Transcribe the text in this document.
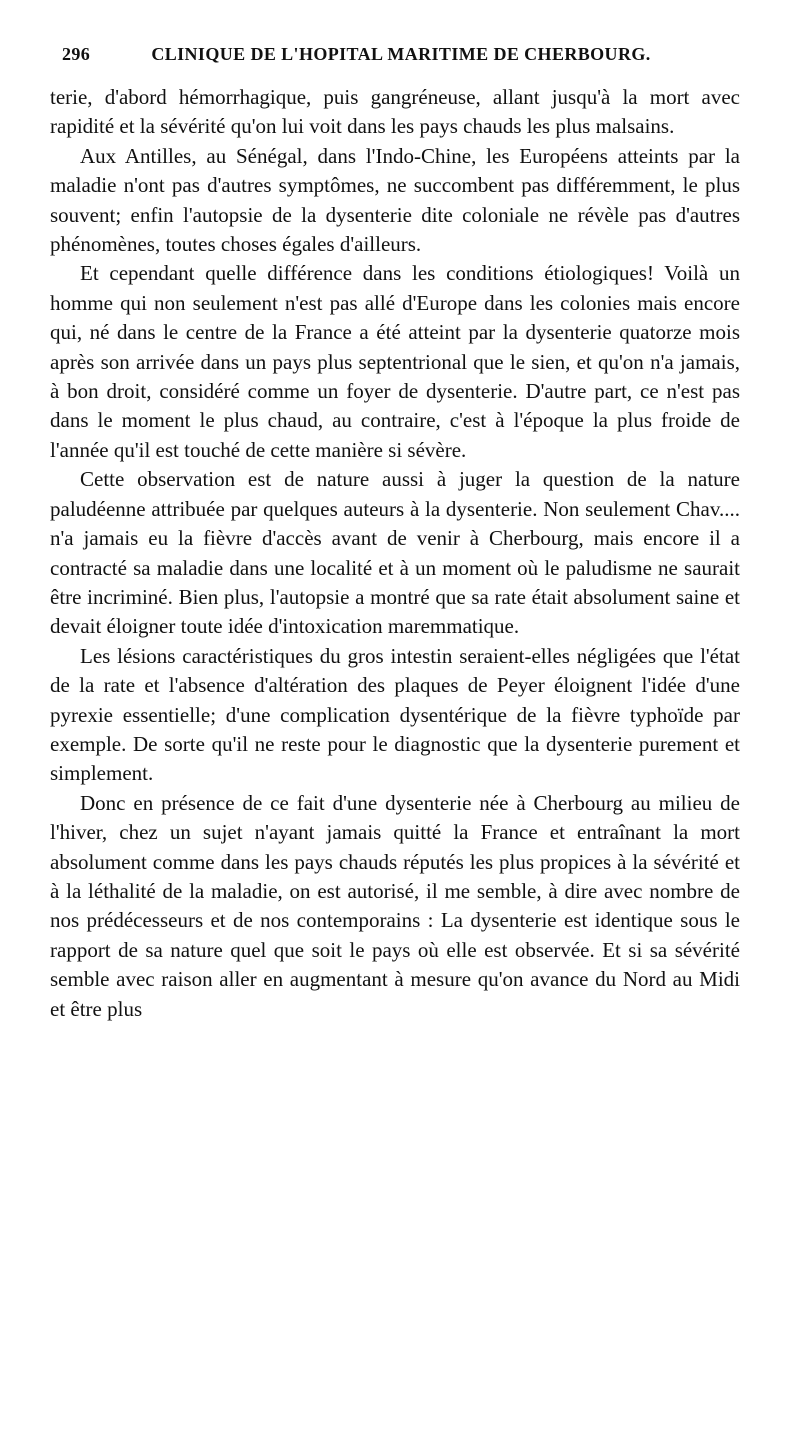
296	CLINIQUE DE L'HOPITAL MARITIME DE CHERBOURG.

terie, d'abord hémorrhagique, puis gangréneuse, allant jusqu'à la mort avec rapidité et la sévérité qu'on lui voit dans les pays chauds les plus malsains.

Aux Antilles, au Sénégal, dans l'Indo-Chine, les Européens atteints par la maladie n'ont pas d'autres symptômes, ne succombent pas différemment, le plus souvent; enfin l'autopsie de la dysenterie dite coloniale ne révèle pas d'autres phénomènes, toutes choses égales d'ailleurs.

Et cependant quelle différence dans les conditions étiologiques! Voilà un homme qui non seulement n'est pas allé d'Europe dans les colonies mais encore qui, né dans le centre de la France a été atteint par la dysenterie quatorze mois après son arrivée dans un pays plus septentrional que le sien, et qu'on n'a jamais, à bon droit, considéré comme un foyer de dysenterie. D'autre part, ce n'est pas dans le moment le plus chaud, au contraire, c'est à l'époque la plus froide de l'année qu'il est touché de cette manière si sévère.

Cette observation est de nature aussi à juger la question de la nature paludéenne attribuée par quelques auteurs à la dysenterie. Non seulement Chav.... n'a jamais eu la fièvre d'accès avant de venir à Cherbourg, mais encore il a contracté sa maladie dans une localité et à un moment où le paludisme ne saurait être incriminé. Bien plus, l'autopsie a montré que sa rate était absolument saine et devait éloigner toute idée d'intoxication maremmatique.

Les lésions caractéristiques du gros intestin seraient-elles négligées que l'état de la rate et l'absence d'altération des plaques de Peyer éloignent l'idée d'une pyrexie essentielle; d'une complication dysentérique de la fièvre typhoïde par exemple. De sorte qu'il ne reste pour le diagnostic que la dysenterie purement et simplement.

Donc en présence de ce fait d'une dysenterie née à Cherbourg au milieu de l'hiver, chez un sujet n'ayant jamais quitté la France et entraînant la mort absolument comme dans les pays chauds réputés les plus propices à la sévérité et à la léthalité de la maladie, on est autorisé, il me semble, à dire avec nombre de nos prédécesseurs et de nos contemporains : La dysenterie est identique sous le rapport de sa nature quel que soit le pays où elle est observée. Et si sa sévérité semble avec raison aller en augmentant à mesure qu'on avance du Nord au Midi et être plus
